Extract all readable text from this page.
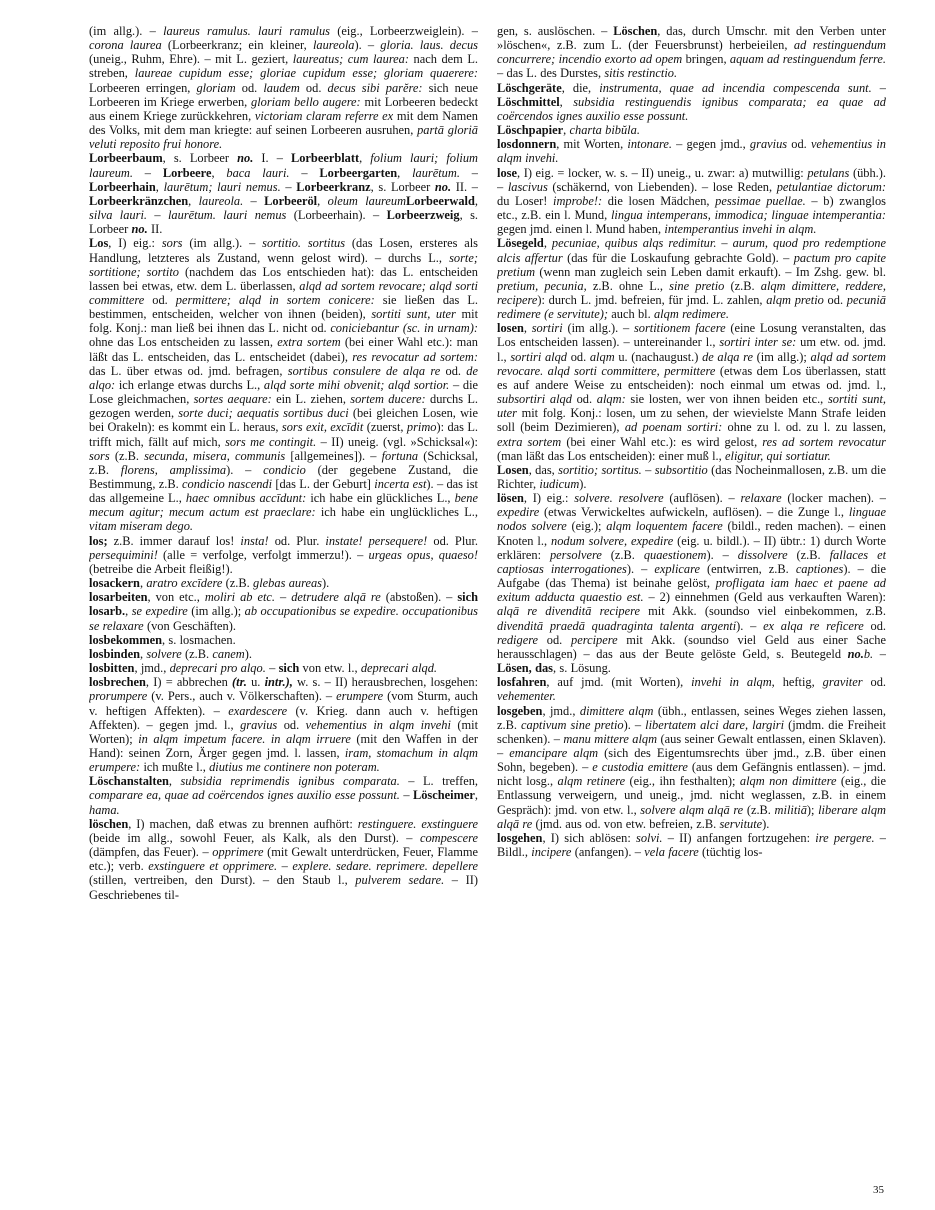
(im allg.). – laureus ramulus. lauri ramulus (eig., Lorbeerzweiglein). – corona laurea (Lorbeerkranz; ein kleiner, laureola). – gloria. laus. decus (uneig., Ruhm, Ehre). – mit L. geziert, laureatus; cum laurea: nach dem L. streben, laureae cupidum esse; gloriae cupidum esse; gloriam quaerere: Lorbeeren erringen, gloriam od. laudem od. decus sibi parĕre: sich neue Lorbeeren im Kriege erwerben, gloriam bello augere: mit Lorbeeren bedeckt aus einem Kriege zurückkehren, victoriam claram referre ex mit dem Namen des Volks, mit dem man kriegte: auf seinen Lorbeeren ausruhen, partā gloriā veluti reposito frui honore.

Lorbeerbaum, s. Lorbeer no. I. – Lorbeerblatt, folium lauri; folium laureum. – Lorbeere, baca lauri. – Lorbeergarten, laurētum. – Lorbeerhain, laurētum; lauri nemus. – Lorbeerkranz, s. Lorbeer no. II. – Lorbeerkränzchen, laureola. – Lorbeeröl, oleum laureumLorbeerwald, silva lauri. – laurētum. lauri nemus (Lorbeerhain). – Lorbeerzweig, s. Lorbeer no. II.

Los, I) eig.: sors (im allg.). – sortitio. sortitus (das Losen, ersteres als Handlung, letzteres als Zustand, wenn gelost wird). – durchs L., sorte; sortitione; sortito (nachdem das Los entschieden hat): das L. entscheiden lassen bei etwas, etw. dem L. überlassen, alqd ad sortem revocare; alqd sorti committere od. permittere; alqd in sortem conicere: sie ließen das L. bestimmen, entscheiden, welcher von ihnen (beiden), sortiti sunt, uter mit folg. Konj.: man ließ bei ihnen das L. nicht od. coniciebantur (sc. in urnam): ohne das Los entscheiden zu lassen, extra sortem (bei einer Wahl etc.): man läßt das L. entscheiden, das L. entscheidet (dabei), res revocatur ad sortem: das L. über etwas od. jmd. befragen, sortibus consulere de alqa re od. de alqo: ich erlange etwas durchs L., alqd sorte mihi obvenit; alqd sortior. – die Lose gleichmachen, sortes aequare: ein L. ziehen, sortem ducere: durchs L. gezogen werden, sorte duci; aequatis sortibus duci (bei gleichen Losen, wie bei Orakeln): es kommt ein L. heraus, sors exit, excīdit (zuerst, primo): das L. trifft mich, fällt auf mich, sors me contingit. – II) uneig. (vgl. »Schicksal«): sors (z.B. secunda, misera, communis [allgemeines]). – fortuna (Schicksal, z.B. florens, amplissima). – condicio (der gegebene Zustand, die Bestimmung, z.B. condicio nascendi [das L. der Geburt] incerta est). – das ist das allgemeine L., haec omnibus accīdunt: ich habe ein glückliches L., bene mecum agitur; mecum actum est praeclare: ich habe ein unglückliches L., vitam miseram dego.

los; z.B. immer darauf los! insta! od. Plur. instate! persequere! od. Plur. persequimini! (alle = verfolge, verfolgt immerzu!). – urgeas opus, quaeso! (betreibe die Arbeit fleißig!).

losackern, aratro excīdere (z.B. glebas aureas).

losarbeiten, von etc., moliri ab etc. – detrudere alqā re (abstoßen). – sich losarb., se expedire (im allg.); ab occupationibus se expedire. occupationibus se relaxare (von Geschäften).

losbekommen, s. losmachen.

losbinden, solvere (z.B. canem).

losbitten, jmd., deprecari pro alqo. – sich von etw. l., deprecari alqd.

losbrechen, I) = abbrechen (tr. u. intr.), w. s. – II) herausbrechen, losgehen: prorumpere (v. Pers., auch v. Völkerschaften). – erumpere (vom Sturm, auch v. heftigen Affekten). – exardescere (v. Krieg. dann auch v. heftigen Affekten). – gegen jmd. l., gravius od. vehementius in alqm invehi (mit Worten); in alqm impetum facere. in alqm irruere (mit den Waffen in der Hand): seinen Zorn, Ärger gegen jmd. l. lassen, iram, stomachum in alqm erumpere: ich mußte l., diutius me continere non poteram.

Löschanstalten, subsidia reprimendis ignibus comparata. – L. treffen, comparare ea, quae ad coërcendos ignes auxilio esse possunt. – Löscheimer, hama.

löschen, I) machen, daß etwas zu brennen aufhört: restinguere. exstinguere (beide im allg., sowohl Feuer, als Kalk, als den Durst). – compescere (dämpfen, das Feuer). – opprimere (mit Gewalt unterdrücken, Feuer, Flamme etc.); verb. exstinguere et opprimere. – explere. sedare. reprimere. depellere (stillen, vertreiben, den Durst). – den Staub l., pulverem sedare. – II) Geschriebenes til-

gen, s. auslöschen. – Löschen, das, durch Umschr. mit den Verben unter »löschen«, z.B. zum L. (der Feuersbrunst) herbeieilen, ad restinguendum concurrere; incendio exorto ad opem bringen, aquam ad restinguendum ferre. – das L. des Durstes, sitis restinctio.

Löschgeräte, die, instrumenta, quae ad incendia compescenda sunt. – Löschmittel, subsidia restinguendis ignibus comparata; ea quae ad coërcendos ignes auxilio esse possunt.

Löschpapier, charta bibŭla.

losdonnern, mit Worten, intonare. – gegen jmd., gravius od. vehementius in alqm invehi.

lose, I) eig. = locker, w. s. – II) uneig., u. zwar: a) mutwillig: petulans (übh.). – lascivus (schäkernd, von Liebenden). – lose Reden, petulantiae dictorum: du Loser! improbe!: die losen Mädchen, pessimae puellae. – b) zwanglos etc., z.B. ein l. Mund, lingua intemperans, immodica; linguae intemperantia: gegen jmd. einen l. Mund haben, intemperantius invehi in alqm.

Lösegeld, pecuniae, quibus alqs redimitur. – aurum, quod pro redemptione alcis affertur (das für die Loskaufung gebrachte Gold). – pactum pro capite pretium (wenn man zugleich sein Leben damit erkauft). – Im Zshg. gew. bl. pretium, pecunia, z.B. ohne L., sine pretio (z.B. alqm dimittere, reddere, recipere): durch L. jmd. befreien, für jmd. L. zahlen, alqm pretio od. pecuniā redimere (e servitute); auch bl. alqm redimere.

losen, sortiri (im allg.). – sortitionem facere (eine Losung veranstalten, das Los entscheiden lassen). – untereinander l., sortiri inter se: um etw. od. jmd. l., sortiri alqd od. alqm u. (nachaugust.) de alqa re (im allg.); alqd ad sortem revocare. alqd sorti committere, permittere (etwas dem Los überlassen, statt es auf andere Weise zu entscheiden): noch einmal um etwas od. jmd. l., subsortiri alqd od. alqm: sie losten, wer von ihnen beiden etc., sortiti sunt, uter mit folg. Konj.: losen, um zu sehen, der wievielste Mann Strafe leiden soll (beim Dezimieren), ad poenam sortiri: ohne zu l. od. zu l. zu lassen, extra sortem (bei einer Wahl etc.): es wird gelost, res ad sortem revocatur (man läßt das Los entscheiden): einer muß l., eligitur, qui sortiatur.

Losen, das, sortitio; sortitus. – subsortitio (das Nocheinmallosen, z.B. um die Richter, iudicum).

lösen, I) eig.: solvere. resolvere (auflösen). – relaxare (locker machen). – expedire (etwas Verwickeltes aufwickeln, auflösen). – die Zunge l., linguae nodos solvere (eig.); alqm loquentem facere (bildl., reden machen). – einen Knoten l., nodum solvere, expedire (eig. u. bildl.). – II) übtr.: 1) durch Worte erklären: persolvere (z.B. quaestionem). – dissolvere (z.B. fallaces et captiosas interrogationes). – explicare (entwirren, z.B. captiones). – die Aufgabe (das Thema) ist beinahe gelöst, profligata iam haec et paene ad exitum adducta quaestio est. – 2) einnehmen (Geld aus verkauften Waren): alqā re divenditā recipere mit Akk. (soundso viel einbekommen, z.B. divenditā praedā quadraginta talenta argenti). – ex alqa re reficere od. redigere od. percipere mit Akk. (soundso viel Geld aus einer Sache herausschlagen) – das aus der Beute gelöste Geld, s. Beutegeld no.b. – Lösen, das, s. Lösung.

losfahren, auf jmd. (mit Worten), invehi in alqm, heftig, graviter od. vehementer.

losgeben, jmd., dimittere alqm (übh., entlassen, seines Weges ziehen lassen, z.B. captivum sine pretio). – libertatem alci dare, largiri (jmdm. die Freiheit schenken). – manu mittere alqm (aus seiner Gewalt entlassen, einen Sklaven). – emancipare alqm (sich des Eigentumsrechts über jmd., z.B. über einen Sohn, begeben). – e custodia emittere (aus dem Gefängnis entlassen). – jmd. nicht losg., alqm retinere (eig., ihn festhalten); alqm non dimittere (eig., die Entlassung verweigern, und uneig., jmd. nicht weglassen, z.B. in einem Gespräch): jmd. von etw. l., solvere alqm alqā re (z.B. militiā); liberare alqm alqā re (jmd. aus od. von etw. befreien, z.B. servitute).

losgehen, I) sich ablösen: solvi. – II) anfangen fortzugehen: ire pergere. – Bildl., incipere (anfangen). – vela facere (tüchtig los-

35
